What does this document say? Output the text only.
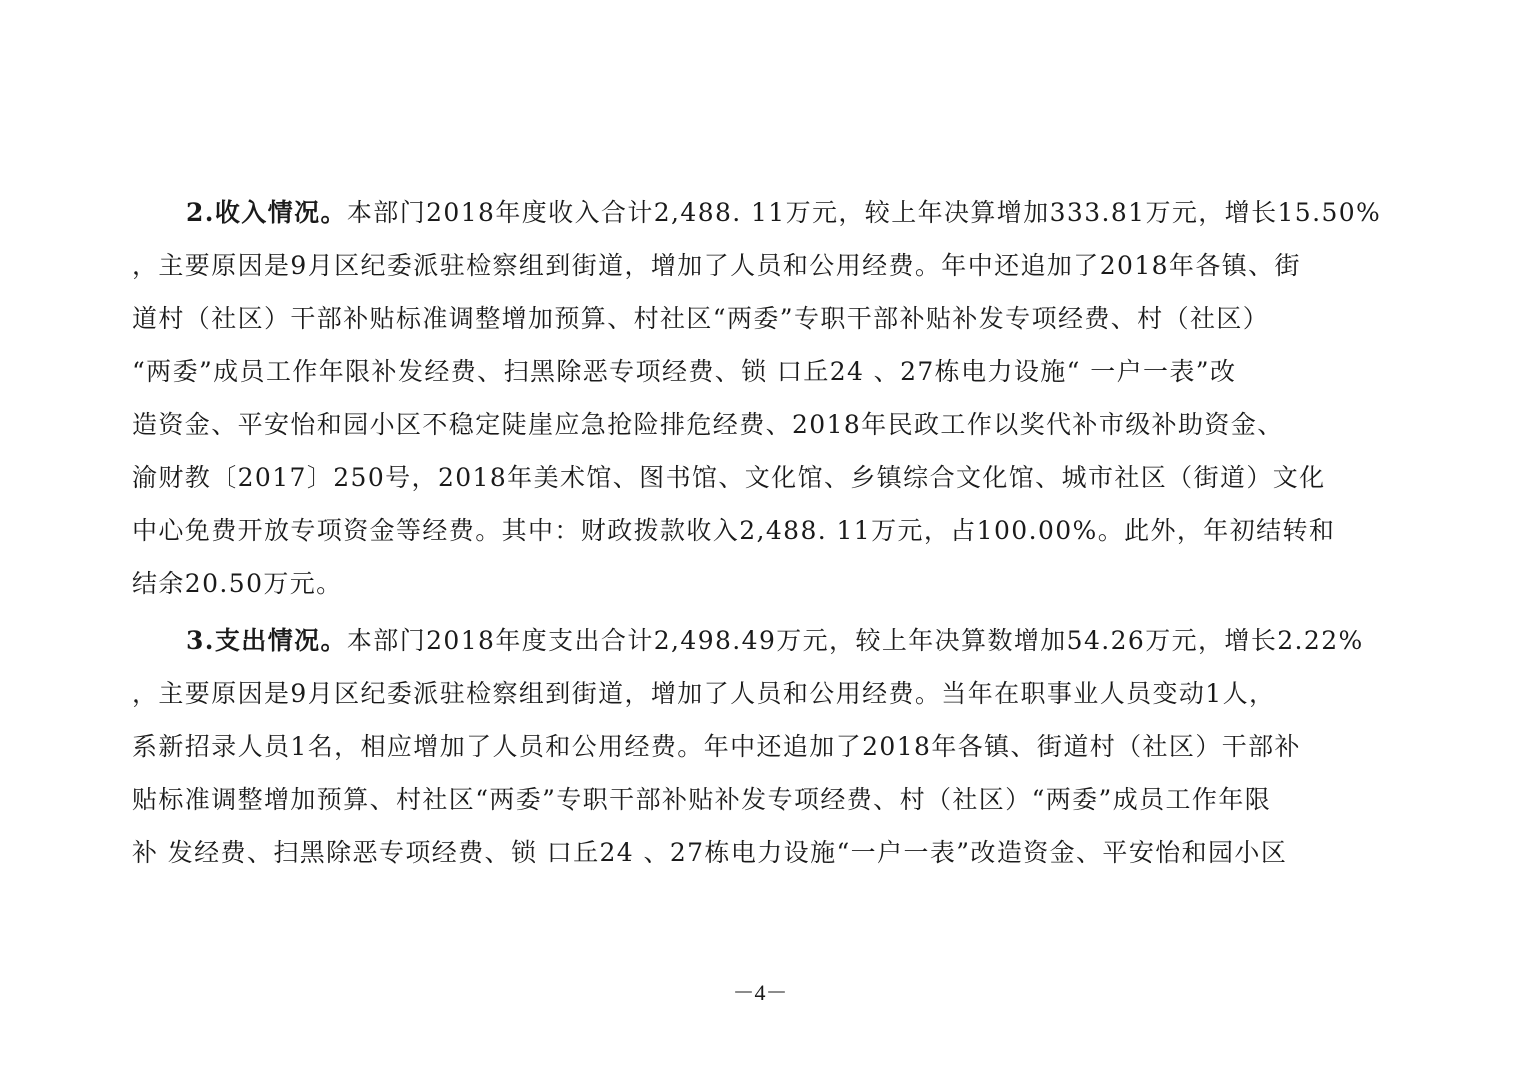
2.收入情况。本部门2018年度收入合计2,488. 11万元，较上年决算增加333.81万元，增长15.50%
，主要原因是9月区纪委派驻检察组到街道，增加了人员和公用经费。年中还追加了2018年各镇、街
道村（社区）干部补贴标准调整增加预算、村社区“两委”专职干部补贴补发专项经费、村（社区）
“两委”成员工作年限补发经费、扫黑除恶专项经费、锁 口丘24 、27栋电力设施“ 一户一表”改
造资金、平安怡和园小区不稳定陡崖应急抢险排危经费、2018年民政工作以奖代补市级补助资金、
渝财教〔2017〕250号，2018年美术馆、图书馆、文化馆、乡镇综合文化馆、城市社区（街道）文化
中心免费开放专项资金等经费。其中：财政拨款收入2,488. 11万元，占100.00%。此外，年初结转和
结余20.50万元。
3.支出情况。本部门2018年度支出合计2,498.49万元，较上年决算数增加54.26万元，增长2.22%
，主要原因是9月区纪委派驻检察组到街道，增加了人员和公用经费。当年在职事业人员变动1人，
系新招录人员1名，相应增加了人员和公用经费。年中还追加了2018年各镇、街道村（社区）干部补
贴标准调整增加预算、村社区“两委”专职干部补贴补发专项经费、村（社区）“两委”成员工作年限
补 发经费、扫黑除恶专项经费、锁 口丘24 、27栋电力设施“一户一表”改造资金、平安怡和园小区
－4－
